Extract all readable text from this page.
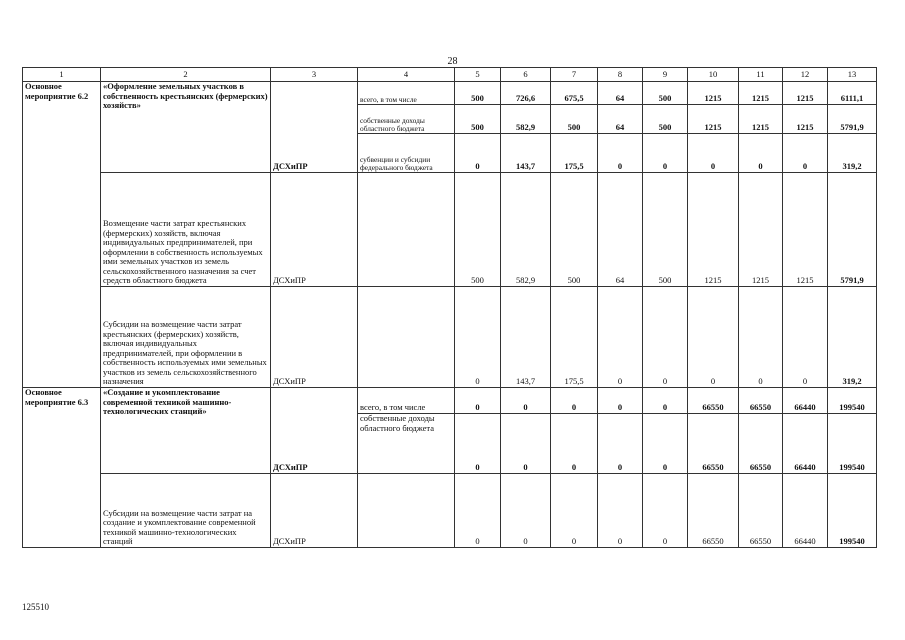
28
1	2	3	4	5	6	7	8	9	10	11	12	13
Основное мероприятие 6.2	«Оформление земельных участков в собственность крестьянских (фермерских) хозяйств»	ДСХиПР	всего, в том числе	500	726,6	675,5	64	500	1215	1215	1215	6111,1
			собственные доходы областного бюджета	500	582,9	500	64	500	1215	1215	1215	5791,9
			субвенции и субсидии федерального бюджета	0	143,7	175,5	0	0	0	0	0	319,2
	Возмещение части затрат крестьянских (фермерских) хозяйств, включая индивидуальных предпринимателей, при оформлении в собственность используемых ими земельных участков из земель сельскохозяйственного назначения за счет средств областного бюджета	ДСХиПР		500	582,9	500	64	500	1215	1215	1215	5791,9
	Субсидии на возмещение части затрат крестьянских (фермерских) хозяйств, включая индивидуальных предпринимателей, при оформлении в собственность используемых ими земельных участков из земель сельскохозяйственного назначения	ДСХиПР		0	143,7	175,5	0	0	0	0	0	319,2
Основное мероприятие 6.3	«Создание и укомплектование современной техникой машинно-технологических станций»	ДСХиПР	всего, в том числе	0	0	0	0	0	66550	66550	66440	199540
			собственные доходы областного бюджета	0	0	0	0	0	66550	66550	66440	199540
	Субсидии на возмещение части затрат на создание и укомплектование современной техникой машинно-технологических станций	ДСХиПР		0	0	0	0	0	66550	66550	66440	199540
125510
